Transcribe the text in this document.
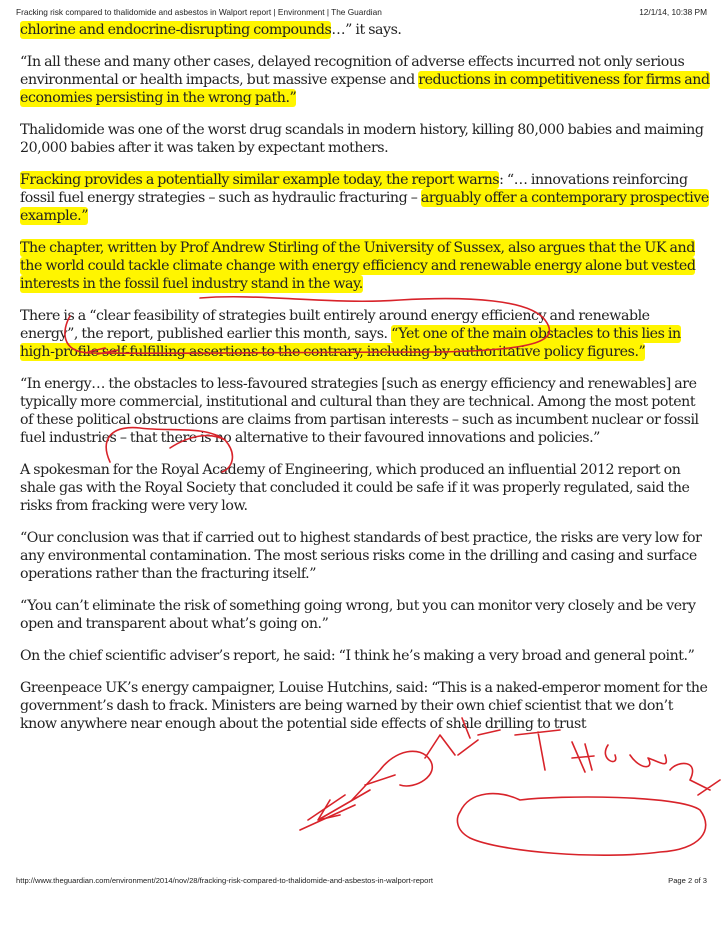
Fracking risk compared to thalidomide and asbestos in Walport report | Environment | The Guardian	12/1/14, 10:38 PM

chlorine and endocrine-disrupting compounds…” it says.

“In all these and many other cases, delayed recognition of adverse effects incurred not only serious environmental or health impacts, but massive expense and reductions in competitiveness for firms and economies persisting in the wrong path.”

Thalidomide was one of the worst drug scandals in modern history, killing 80,000 babies and maiming 20,000 babies after it was taken by expectant mothers.

Fracking provides a potentially similar example today, the report warns: “… innovations reinforcing fossil fuel energy strategies – such as hydraulic fracturing – arguably offer a contemporary prospective example.”

The chapter, written by Prof Andrew Stirling of the University of Sussex, also argues that the UK and the world could tackle climate change with energy efficiency and renewable energy alone but vested interests in the fossil fuel industry stand in the way.

There is a “clear feasibility of strategies built entirely around energy efficiency and renewable energy”, the report, published earlier this month, says. “Yet one of the main obstacles to this lies in high-profile self-fulfilling assertions to the contrary, including by authoritative policy figures.”

“In energy… the obstacles to less-favoured strategies [such as energy efficiency and renewables] are typically more commercial, institutional and cultural than they are technical. Among the most potent of these political obstructions are claims from partisan interests – such as incumbent nuclear or fossil fuel industries – that there is no alternative to their favoured innovations and policies.”

A spokesman for the Royal Academy of Engineering, which produced an influential 2012 report on shale gas with the Royal Society that concluded it could be safe if it was properly regulated, said the risks from fracking were very low.

“Our conclusion was that if carried out to highest standards of best practice, the risks are very low for any environmental contamination. The most serious risks come in the drilling and casing and surface operations rather than the fracturing itself.”

“You can’t eliminate the risk of something going wrong, but you can monitor very closely and be very open and transparent about what’s going on.”

On the chief scientific adviser’s report, he said: “I think he’s making a very broad and general point.”

Greenpeace UK’s energy campaigner, Louise Hutchins, said: “This is a naked-emperor moment for the government’s dash to frack. Ministers are being warned by their own chief scientist that we don’t know anywhere near enough about the potential side effects of shale drilling to trust

http://www.theguardian.com/environment/2014/nov/28/fracking-risk-compared-to-thalidomide-and-asbestos-in-walport-report	Page 2 of 3
